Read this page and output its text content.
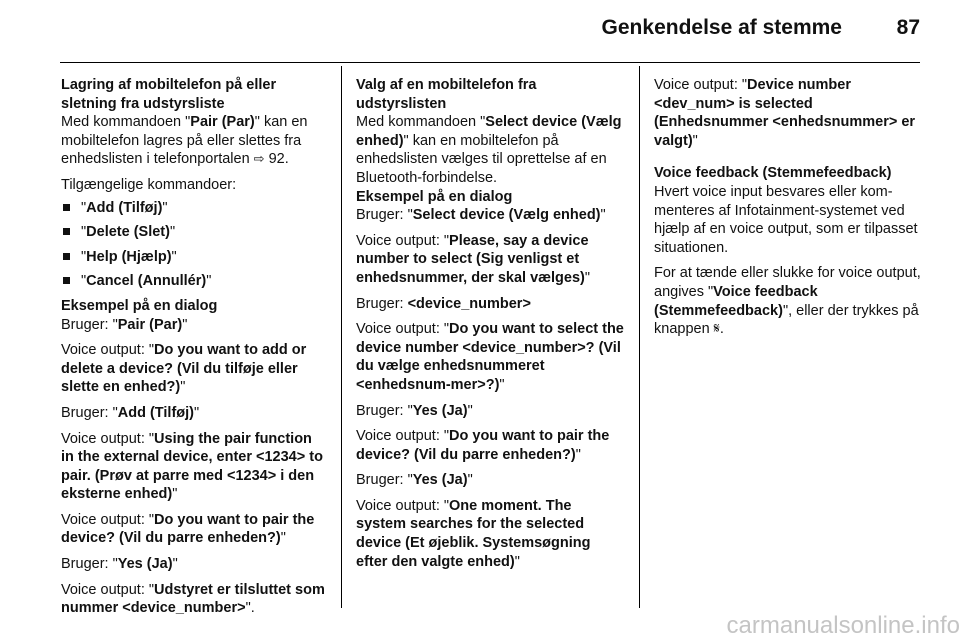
Genkendelse af stemme	87

Lagring af mobiltelefon på eller sletning fra udstyrsliste

Med kommandoen "Pair (Par)" kan en mobiltelefon lagres på eller slettes fra enhedslisten i telefonportalen ⇨ 92.

Tilgængelige kommandoer:

"Add (Tilføj)"
"Delete (Slet)"
"Help (Hjælp)"
"Cancel (Annullér)"

Eksempel på en dialog

Bruger: "Pair (Par)"

Voice output: "Do you want to add or delete a device? (Vil du tilføje eller slette en enhed?)"

Bruger: "Add (Tilføj)"

Voice output: "Using the pair function in the external device, enter <1234> to pair. (Prøv at parre med <1234> i den eksterne enhed)"

Voice output: "Do you want to pair the device? (Vil du parre enheden?)"

Bruger: "Yes (Ja)"

Voice output: "Udstyret er tilsluttet som nummer <device_number>".

Valg af en mobiltelefon fra udstyrslisten

Med kommandoen "Select device (Vælg enhed)" kan en mobiltelefon på enhedslisten vælges til oprettelse af en Bluetooth-forbindelse.

Eksempel på en dialog

Bruger: "Select device (Vælg enhed)"

Voice output: "Please, say a device number to select (Sig venligst et enhedsnummer, der skal vælges)"

Bruger: <device_number>

Voice output: "Do you want to select the device number <device_number>? (Vil du vælge enhedsnummeret <enhedsnum-mer>?)"

Bruger: "Yes (Ja)"

Voice output: "Do you want to pair the device? (Vil du parre enheden?)"

Bruger: "Yes (Ja)"

Voice output: "One moment. The system searches for the selected device (Et øjeblik. Systemsøgning efter den valgte enhed)"

Voice output: "Device number <dev_num> is selected (Enhedsnummer <enhedsnummer> er valgt)"

Voice feedback (Stemmefeedback)

Hvert voice input besvares eller kom-menteres af Infotainment-systemet ved hjælp af en voice output, som er tilpasset situationen.

For at tænde eller slukke for voice output, angives "Voice feedback (Stemmefeedback)", eller der trykkes på knappen 𝄋.

carmanualsonline.info
